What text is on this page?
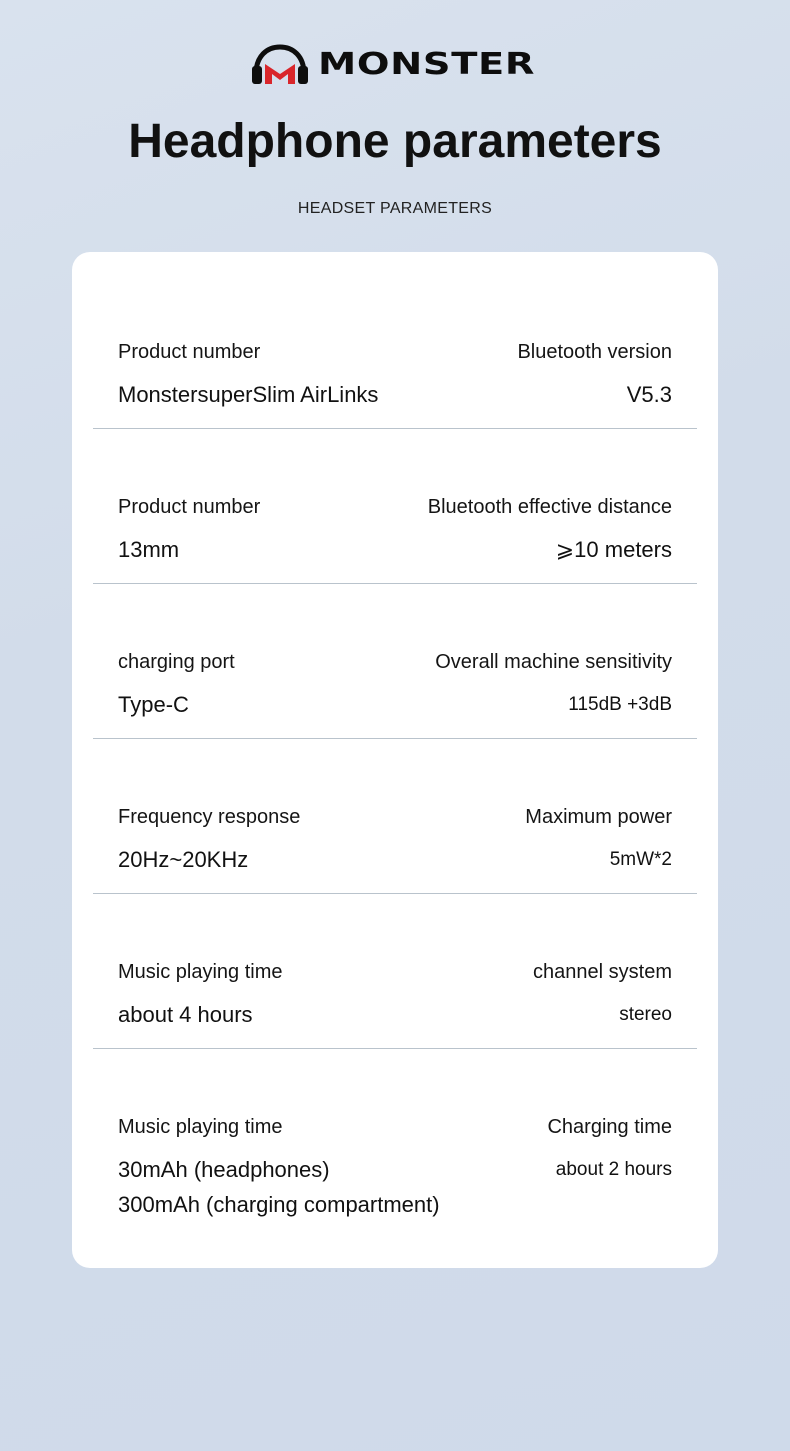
MONSTER
Headphone parameters
HEADSET PARAMETERS
Product number
MonstersuperSlim AirLinks
Bluetooth version
V5.3
Product number
13mm
Bluetooth effective distance
⩾10 meters
charging port
Type-C
Overall machine sensitivity
115dB +3dB
Frequency response
20Hz~20KHz
Maximum power
5mW*2
Music playing time
about 4 hours
channel system
stereo
Music playing time
30mAh (headphones)
300mAh (charging compartment)
Charging time
about 2 hours
